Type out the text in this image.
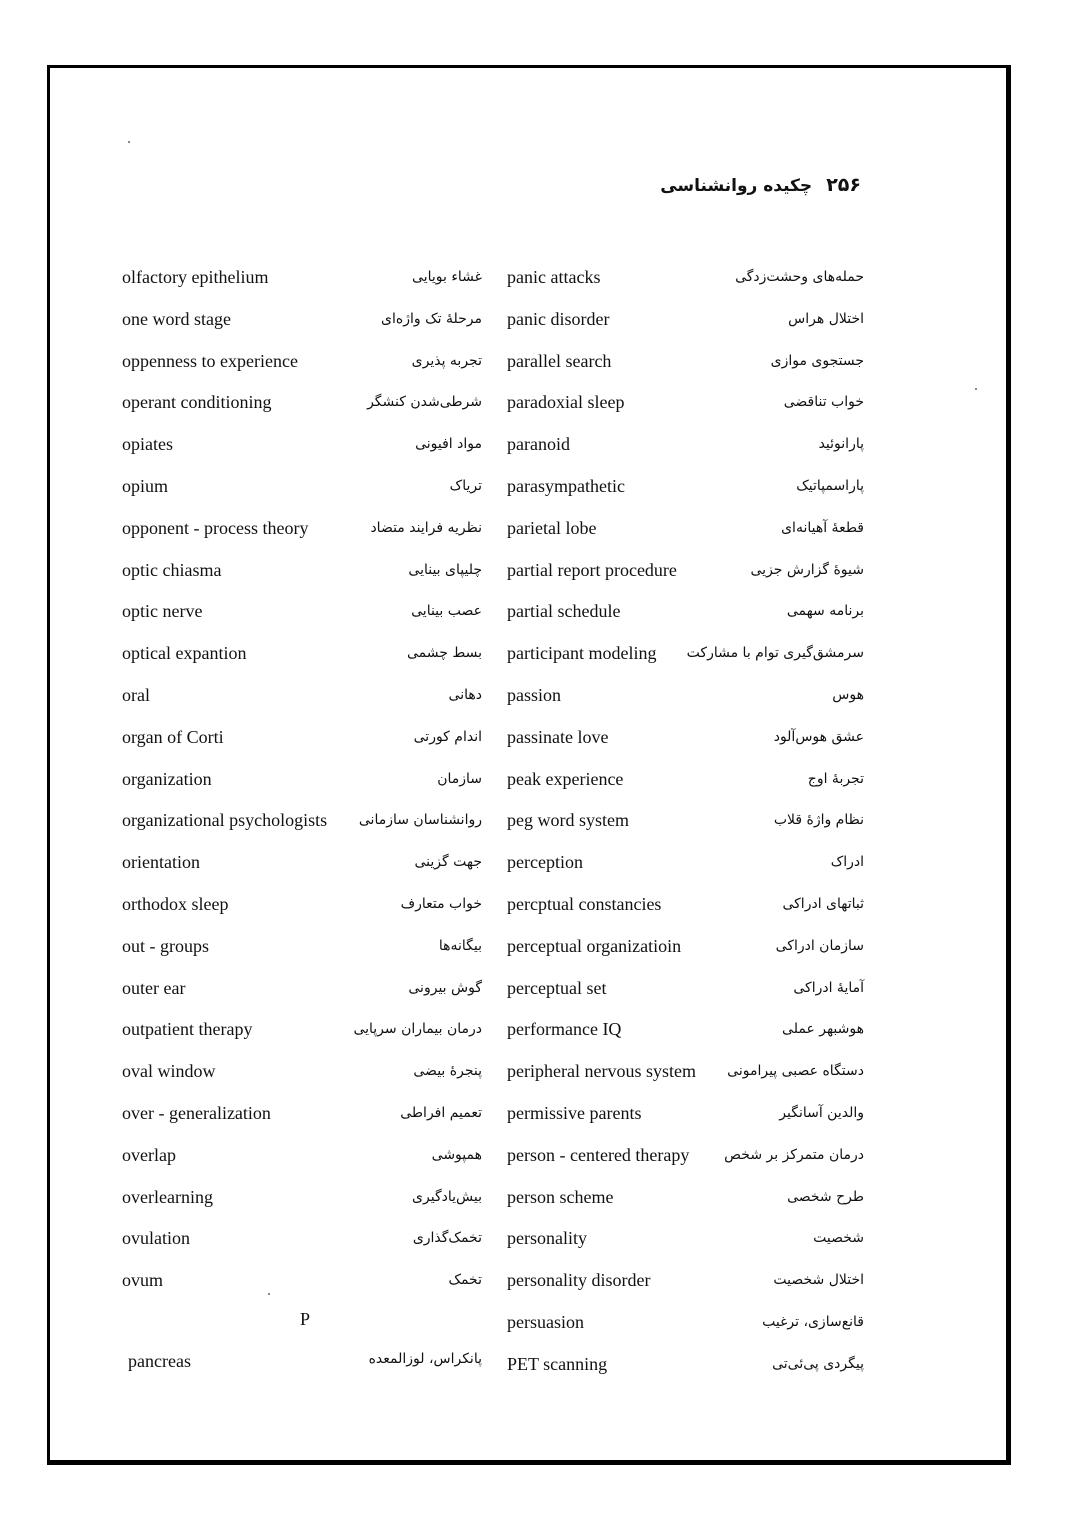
چکیده روانشناسی ۲۵۶
olfactory epithelium	غشاء بویایی
one word stage	مرحلهٔ تک واژه‌ای
oppenness to experience	تجربه پذیری
operant conditioning	شرطی‌شدن کنشگر
opiates	مواد افیونی
opium	تریاک
opponent - process theory	نظریه فرایند متضاد
optic chiasma	چلیپای بینایی
optic nerve	عصب بینایی
optical expantion	بسط چشمی
oral	دهانی
organ of Corti	اندام کورتی
organization	سازمان
organizational psychologists روانشناسان سازمانی
orientation	جهت گزینی
orthodox sleep	خواب متعارف
out - groups	بیگانه‌ها
outer ear	گوش بیرونی
outpatient therapy	درمان بیماران سرپایی
oval window	پنجرهٔ بیضی
over - generalization	تعمیم افراطی
overlap	همپوشی
overlearning	بیش‌یادگیری
ovulation	تخمک‌گذاری
ovum	تخمک
panic attacks	حمله‌های وحشت‌زدگی
panic disorder	اختلال هراس
parallel search	جستجوی موازی
paradoxial sleep	خواب تناقضی
paranoid	پارانوئید
parasympathetic	پاراسمپاتیک
parietal lobe	قطعهٔ آهیانه‌ای
partial report procedure	شیوهٔ گزارش جزیی
partial schedule	برنامه سهمی
participant modeling سرمشق‌گیری توام با مشارکت
passion	هوس
passinate love	عشق هوس‌آلود
peak experience	تجربهٔ اوج
peg word system	نظام واژهٔ قلاب
perception	ادراک
percptual constancies	ثباتهای ادراکی
perceptual organizatioin	سازمان ادراکی
perceptual set	آمایهٔ ادراکی
performance IQ	هوشبهر عملی
peripheral nervous system دستگاه عصبی پیرامونی
permissive parents	والدین آسانگیر
person - centered therapy درمان متمرکز بر شخص
person scheme	طرح شخصی
personality	شخصیت
personality disorder	اختلال شخصیت
persuasion	قانع‌سازی، ترغیب
PET scanning	پیگردی پی‌ئی‌تی
P
pancreas	پانکراس، لوزالمعده
